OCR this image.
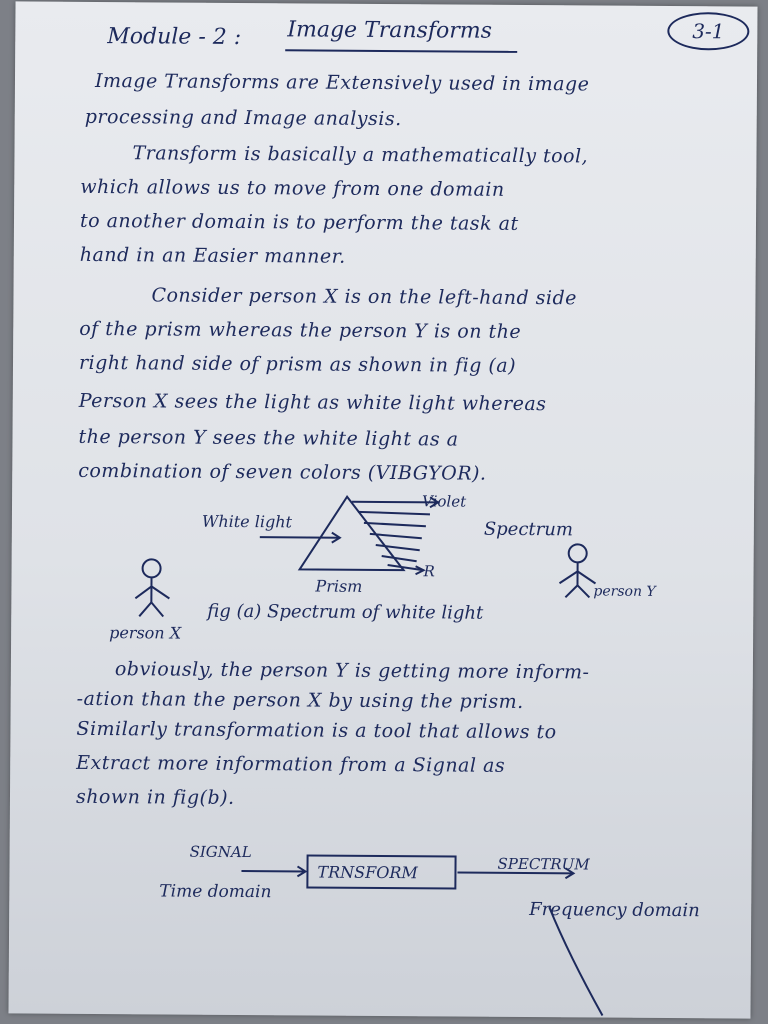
Module - 2 : Image Transforms	3-1
Image Transforms are Extensively used in image
processing and Image analysis.
Transform is basically a mathematically tool,
which allows us to move from one domain
to another domain is to perform the task at
hand in an Easier manner.
Consider person X is on the left-hand side
of the prism whereas the person Y is on the
right hand side of prism as shown in fig (a)
Person X sees the light as white light whereas
the person Y sees the white light as a
combination of seven colors (VIBGYOR).
White light
Violet
R
Spectrum
Prism
person X
person Y
fig (a) Spectrum of white light
obviously, the person Y is getting more inform-
-ation than the person X by using the prism.
Similarly transformation is a tool that allows to
Extract more information from a Signal as
shown in fig(b).
SIGNAL
Time domain
TRNSFORM	SPECTRUM
Frequency domain
